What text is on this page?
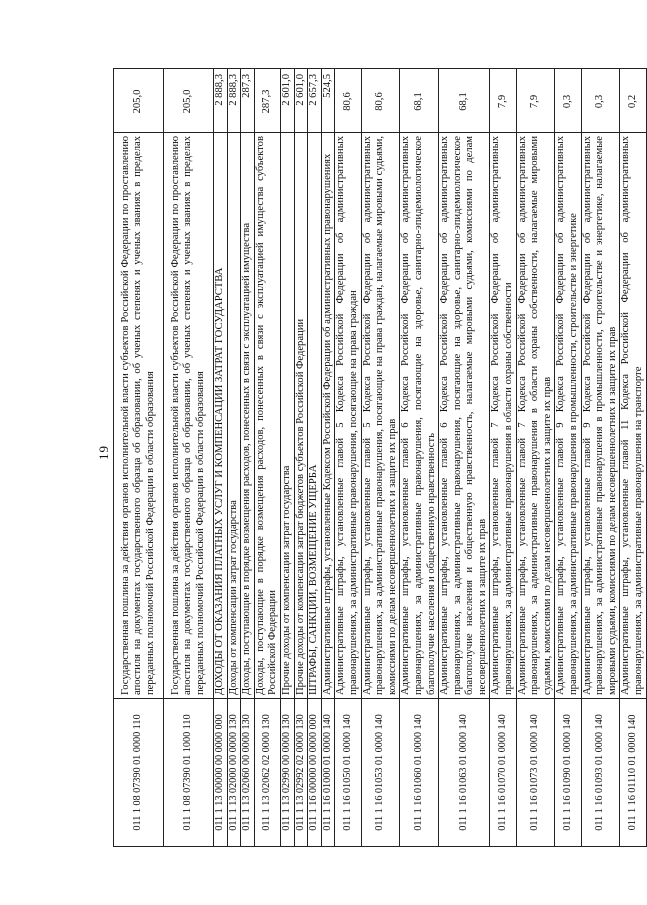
19
011 1 08 07390 01 0000 110	Государственная пошлина за действия органов исполнительной власти субъектов Российской Федерации по проставлению апостиля на документах государственного образца об образовании, об ученых степенях и ученых званиях в пределах переданных полномочий Российской Федерации в области образования	205,0
011 1 08 07390 01 1000 110	Государственная пошлина за действия органов исполнительной власти субъектов Российской Федерации по проставлению апостиля на документах государственного образца об образовании, об ученых степенях и ученых званиях в пределах переданных полномочий Российской Федерации в области образования	205,0
011 1 13 00000 00 0000 000	ДОХОДЫ ОТ ОКАЗАНИЯ ПЛАТНЫХ УСЛУГ И КОМПЕНСАЦИИ ЗАТРАТ ГОСУДАРСТВА	2 888,3
011 1 13 02000 00 0000 130	Доходы от компенсации затрат государства	2 888,3
011 1 13 02060 00 0000 130	Доходы, поступающие в порядке возмещения расходов, понесенных в связи с эксплуатацией имущества	287,3
011 1 13 02062 02 0000 130	Доходы, поступающие в порядке возмещения расходов, понесенных в связи с эксплуатацией имущества субъектов Российской Федерации	287,3
011 1 13 02990 00 0000 130	Прочие доходы от компенсации затрат государства	2 601,0
011 1 13 02992 02 0000 130	Прочие доходы от компенсации затрат бюджетов субъектов Российской Федерации	2 601,0
011 1 16 00000 00 0000 000	ШТРАФЫ, САНКЦИИ, ВОЗМЕЩЕНИЕ УЩЕРБА	2 657,3
011 1 16 01000 01 0000 140	Административные штрафы, установленные Кодексом Российской Федерации об административных правонарушениях	524,5
011 1 16 01050 01 0000 140	Административные штрафы, установленные главой 5 Кодекса Российской Федерации об административных правонарушениях, за административные правонарушения, посягающие на права граждан	80,6
011 1 16 01053 01 0000 140	Административные штрафы, установленные главой 5 Кодекса Российской Федерации об административных правонарушениях, за административные правонарушения, посягающие на права граждан, налагаемые мировыми судьями, комиссиями по делам несовершеннолетних и защите их прав	80,6
011 1 16 01060 01 0000 140	Административные штрафы, установленные главой 6 Кодекса Российской Федерации об административных правонарушениях, за административные правонарушения, посягающие на здоровье, санитарно-эпидемиологическое благополучие населения и общественную нравственность	68,1
011 1 16 01063 01 0000 140	Административные штрафы, установленные главой 6 Кодекса Российской Федерации об административных правонарушениях, за административные правонарушения, посягающие на здоровье, санитарно-эпидемиологическое благополучие населения и общественную нравственность, налагаемые мировыми судьями, комиссиями по делам несовершеннолетних и защите их прав	68,1
011 1 16 01070 01 0000 140	Административные штрафы, установленные главой 7 Кодекса Российской Федерации об административных правонарушениях, за административные правонарушения в области охраны собственности	7,9
011 1 16 01073 01 0000 140	Административные штрафы, установленные главой 7 Кодекса Российской Федерации об административных правонарушениях, за административные правонарушения в области охраны собственности, налагаемые мировыми судьями, комиссиями по делам несовершеннолетних и защите их прав	7,9
011 1 16 01090 01 0000 140	Административные штрафы, установленные главой 9 Кодекса Российской Федерации об административных правонарушениях, за административные правонарушения в промышленности, строительстве и энергетике	0,3
011 1 16 01093 01 0000 140	Административные штрафы, установленные главой 9 Кодекса Российской Федерации об административных правонарушениях, за административные правонарушения в промышленности, строительстве и энергетике, налагаемые мировыми судьями, комиссиями по делам несовершеннолетних и защите их прав	0,3
011 1 16 01110 01 0000 140	Административные штрафы, установленные главой 11 Кодекса Российской Федерации об административных правонарушениях, за административные правонарушения на транспорте	0,2
